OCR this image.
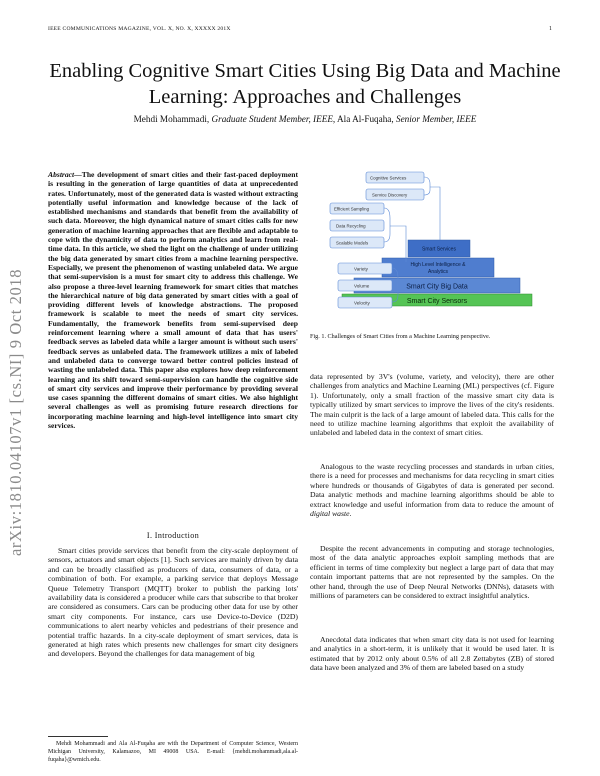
IEEE COMMUNICATIONS MAGAZINE, VOL. X, NO. X, XXXXX 201X	1
Enabling Cognitive Smart Cities Using Big Data and Machine Learning: Approaches and Challenges
Mehdi Mohammadi, Graduate Student Member, IEEE, Ala Al-Fuqaha, Senior Member, IEEE
arXiv:1810.04107v1 [cs.NI] 9 Oct 2018
Abstract—The development of smart cities and their fast-paced deployment is resulting in the generation of large quantities of data at unprecedented rates. Unfortunately, most of the generated data is wasted without extracting potentially useful information and knowledge because of the lack of established mechanisms and standards that benefit from the availability of such data. Moreover, the high dynamical nature of smart cities calls for new generation of machine learning approaches that are flexible and adaptable to cope with the dynamicity of data to perform analytics and learn from real-time data. In this article, we shed the light on the challenge of under utilizing the big data generated by smart cities from a machine learning perspective. Especially, we present the phenomenon of wasting unlabeled data. We argue that semi-supervision is a must for smart city to address this challenge. We also propose a three-level learning framework for smart cities that matches the hierarchical nature of big data generated by smart cities with a goal of providing different levels of knowledge abstractions. The proposed framework is scalable to meet the needs of smart city services. Fundamentally, the framework benefits from semi-supervised deep reinforcement learning where a small amount of data that has users' feedback serves as labeled data while a larger amount is without such users' feedback serves as unlabeled data. The framework utilizes a mix of labeled and unlabeled data to converge toward better control policies instead of wasting the unlabeled data. This paper also explores how deep reinforcement learning and its shift toward semi-supervision can handle the cognitive side of smart city services and improve their performance by providing several use cases spanning the different domains of smart cities. We also highlight several challenges as well as promising future research directions for incorporating machine learning and high-level intelligence into smart city services.
I. Introduction
Smart cities provide services that benefit from the city-scale deployment of sensors, actuators and smart objects [1]. Such services are mainly driven by data and can be broadly classified as producers of data, consumers of data, or a combination of both. For example, a parking service that deploys Message Queue Telemetry Transport (MQTT) broker to publish the parking lots' availability data is considered a producer while cars that subscribe to that broker are considered as consumers. Cars can be producing other data for use by other smart city components. For instance, cars use Device-to-Device (D2D) communications to alert nearby vehicles and pedestrians of their presence and potential traffic hazards. In a city-scale deployment of smart services, data is generated at high rates which presents new challenges for smart city designers and developers. Beyond the challenges for data management of big
Mehdi Mohammadi and Ala Al-Fuqaha are with the Department of Computer Science, Western Michigan University, Kalamazoo, MI 49008 USA. E-mail: {mehdi.mohammadi,ala.al-fuqaha}@wmich.edu.
Smart City Sensors
Smart City Big Data
High Level Intelligence &
Analytics
Smart Services
Variety
Volume
Velocity
Efficient Sampling
Data Recycling
Scalable Models
Cognitive Services
Service Discovery
Fig. 1. Challenges of Smart Cities from a Machine Learning perspective.
data represented by 3V's (volume, variety, and velocity), there are other challenges from analytics and Machine Learning (ML) perspectives (cf. Figure 1). Unfortunately, only a small fraction of the massive smart city data is typically utilized by smart services to improve the lives of the city's residents. The main culprit is the lack of a large amount of labeled data. This calls for the need to utilize machine learning algorithms that exploit the availability of unlabeled and labeled data in the context of smart cities.
Analogous to the waste recycling processes and standards in urban cities, there is a need for processes and mechanisms for data recycling in smart cities where hundreds or thousands of Gigabytes of data is generated per second. Data analytic methods and machine learning algorithms should be able to extract knowledge and useful information from data to reduce the amount of digital waste.
Despite the recent advancements in computing and storage technologies, most of the data analytic approaches exploit sampling methods that are efficient in terms of time complexity but neglect a large part of data that may contain important patterns that are not represented by the samples. On the other hand, through the use of Deep Neural Networks (DNNs), datasets with millions of parameters can be considered to extract insightful analytics.
Anecdotal data indicates that when smart city data is not used for learning and analytics in a short-term, it is unlikely that it would be used later. It is estimated that by 2012 only about 0.5% of all 2.8 Zettabytes (ZB) of stored data have been analyzed and 3% of them are labeled based on a study
